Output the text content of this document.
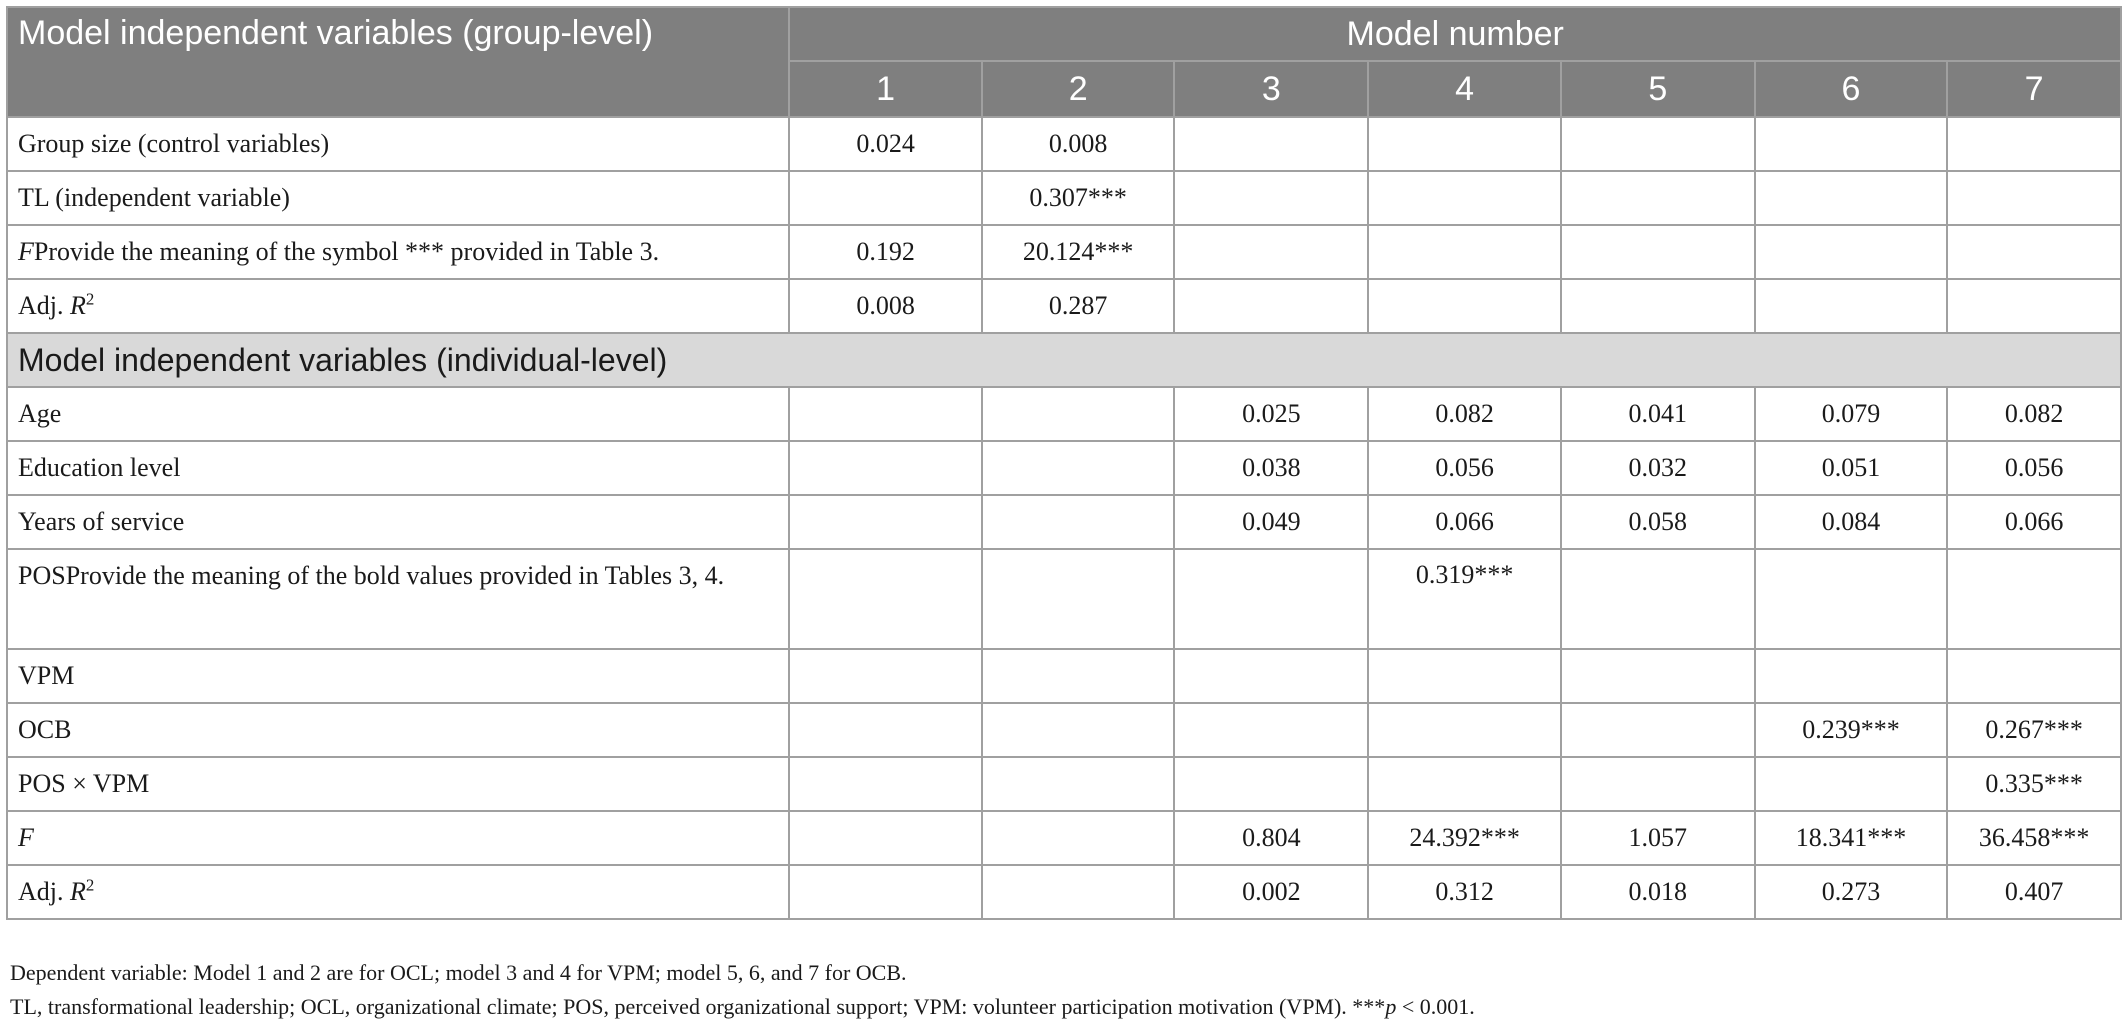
Model independent variables (group-level)	Model number						
	1	2	3	4	5	6	7
Group size (control variables)	0.024	0.008					
TL (independent variable)		0.307***					
FProvide the meaning of the symbol *** provided in Table 3.	0.192	20.124***					
Adj. $R^2$	0.008	0.287					
Model independent variables (individual-level)							
Age			0.025	0.082	0.041	0.079	0.082
Education level			0.038	0.056	0.032	0.051	0.056
Years of service			0.049	0.066	0.058	0.084	0.066
POSProvide the meaning of the bold values provided in Tables 3, 4.				0.319***			
VPM							
OCB						0.239***	0.267***
POS × VPM							0.335***
F			0.804	24.392***	1.057	18.341***	36.458***
Adj. $R^2$			0.002	0.312	0.018	0.273	0.407
Dependent variable: Model 1 and 2 are for OCL; model 3 and 4 for VPM; model 5, 6, and 7 for OCB.
TL, transformational leadership; OCL, organizational climate; POS, perceived organizational support; VPM: volunteer participation motivation (VPM). ***p < 0.001.
